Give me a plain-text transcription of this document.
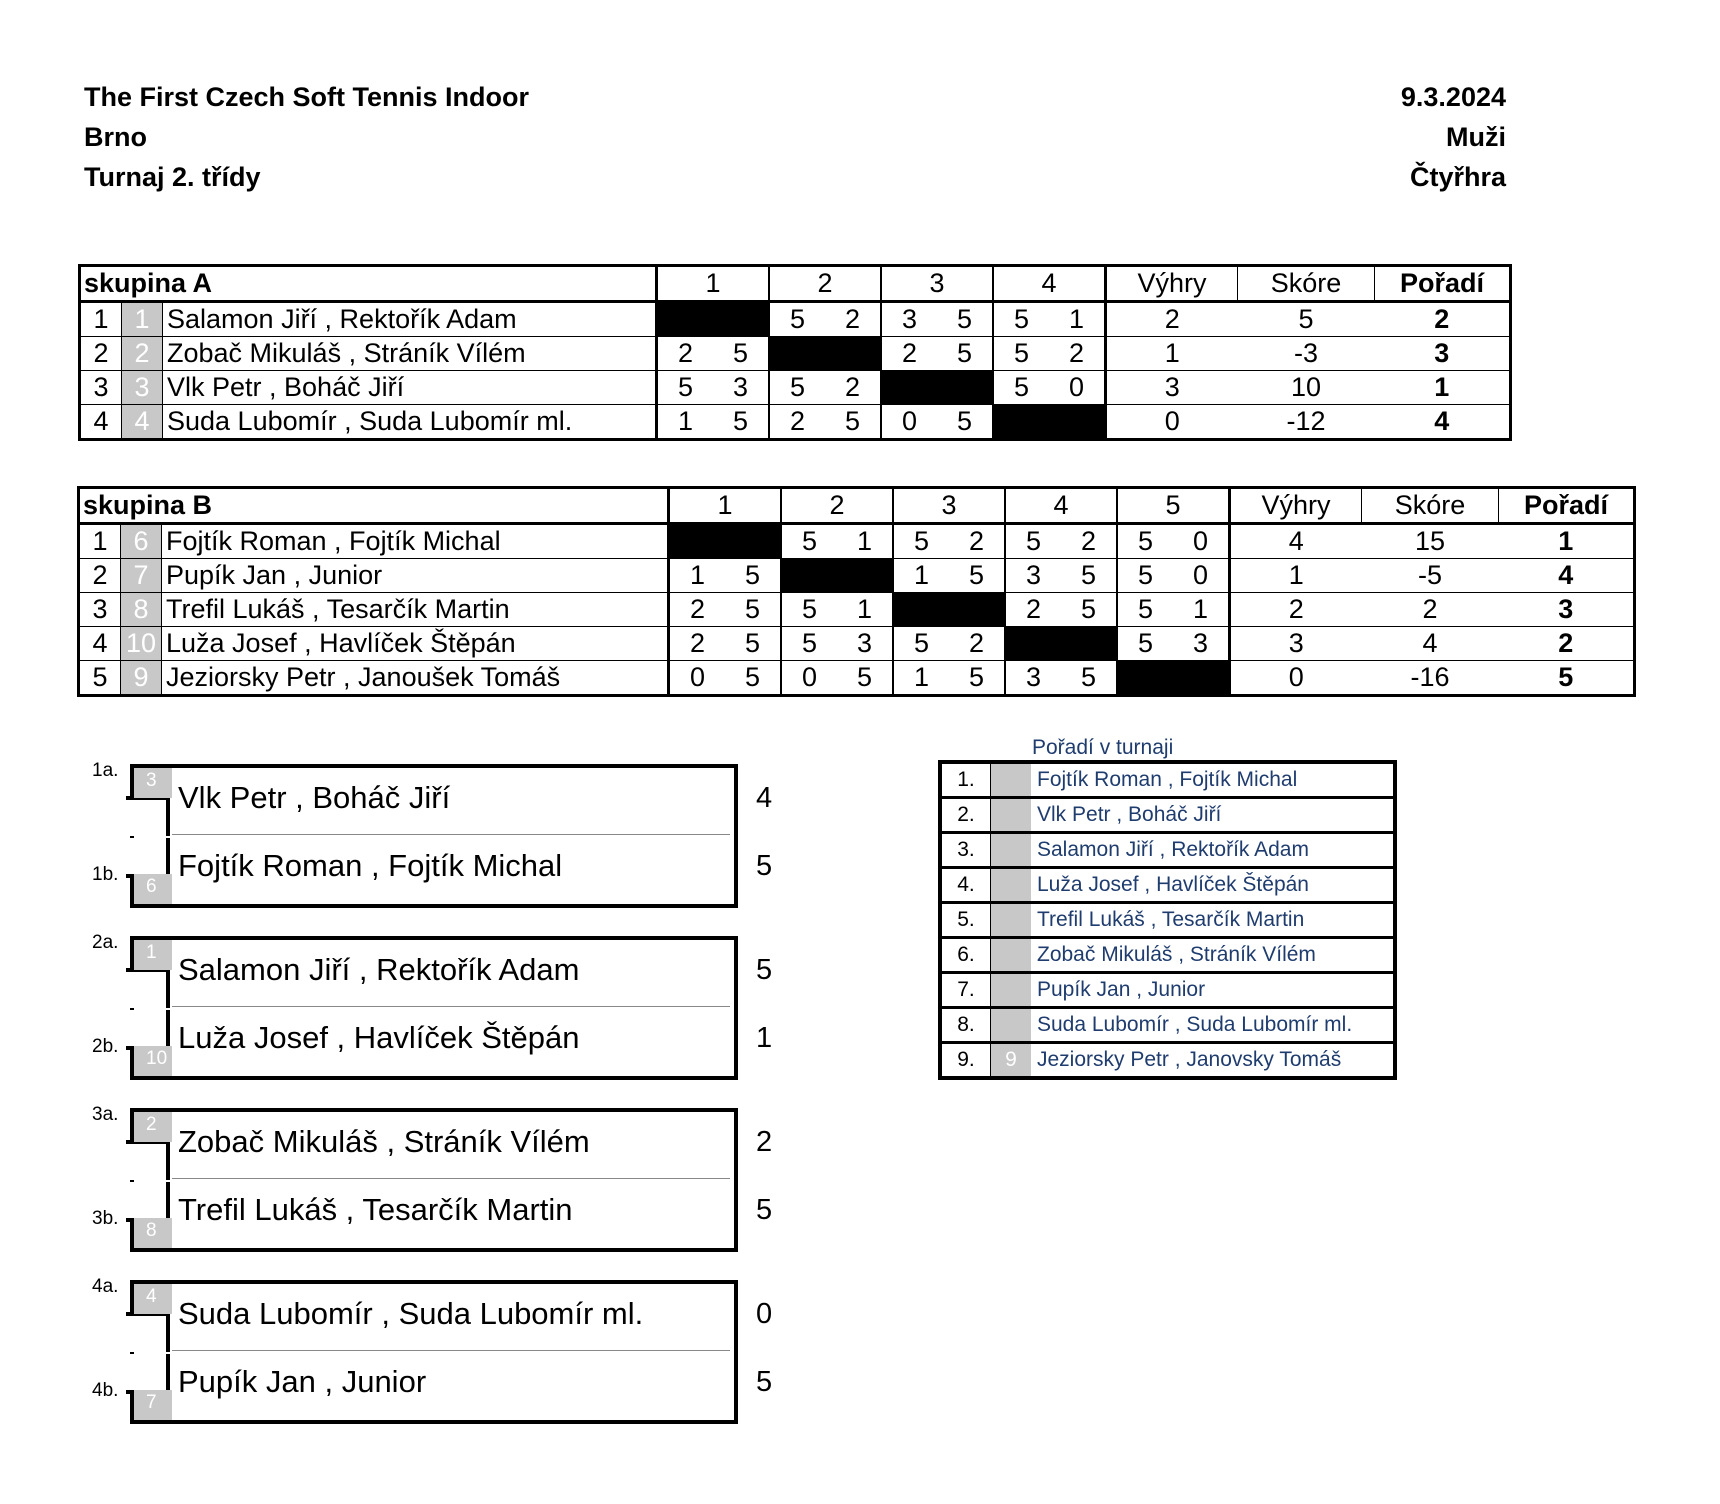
The First Czech Soft Tennis Indoor
Brno
Turnaj 2. třídy
9.3.2024
Muži
Čtyřhra
skupina A			1		2		3		4		Výhry	Skóre	Pořadí
1	1	Salamon Jiří , Rektořík Adam			5	2	3	5	5	1	2	5	2
2	2	Zobač Mikuláš , Stráník Vílém	2	5			2	5	5	2	1	-3	3
3	3	Vlk Petr , Boháč Jiří	5	3	5	2			5	0	3	10	1
4	4	Suda Lubomír , Suda Lubomír ml.	1	5	2	5	0	5			0	-12	4
skupina B			1		2		3		4		5		Výhry	Skóre	Pořadí
1	6	Fojtík Roman , Fojtík Michal			5	1	5	2	5	2	5	0	4	15	1
2	7	Pupík Jan , Junior	1	5			1	5	3	5	5	0	1	-5	4
3	8	Trefil Lukáš , Tesarčík Martin	2	5	5	1			2	5	5	1	2	2	3
4	10	Luža Josef , Havlíček Štěpán	2	5	5	3	5	2			5	3	3	4	2
5	9	Jeziorsky Petr , Janoušek Tomáš	0	5	0	5	1	5	3	5			0	-16	5
1a.
1b.
3
6
Vlk Petr , Boháč Jiří
Fojtík Roman , Fojtík Michal
4
5
2a.
2b.
1
10
Salamon Jiří , Rektořík Adam
Luža Josef , Havlíček Štěpán
5
1
3a.
3b.
2
8
Zobač Mikuláš , Stráník Vílém
Trefil Lukáš , Tesarčík Martin
2
5
4a.
4b.
4
7
Suda Lubomír , Suda Lubomír ml.
Pupík Jan , Junior
0
5
Pořadí v turnaji
1.		Fojtík Roman , Fojtík Michal
2.		Vlk Petr , Boháč Jiří
3.		Salamon Jiří , Rektořík Adam
4.		Luža Josef , Havlíček Štěpán
5.		Trefil Lukáš , Tesarčík Martin
6.		Zobač Mikuláš , Stráník Vílém
7.		Pupík Jan , Junior
8.		Suda Lubomír , Suda Lubomír ml.
9.	9	Jeziorsky Petr , Janovsky Tomáš
